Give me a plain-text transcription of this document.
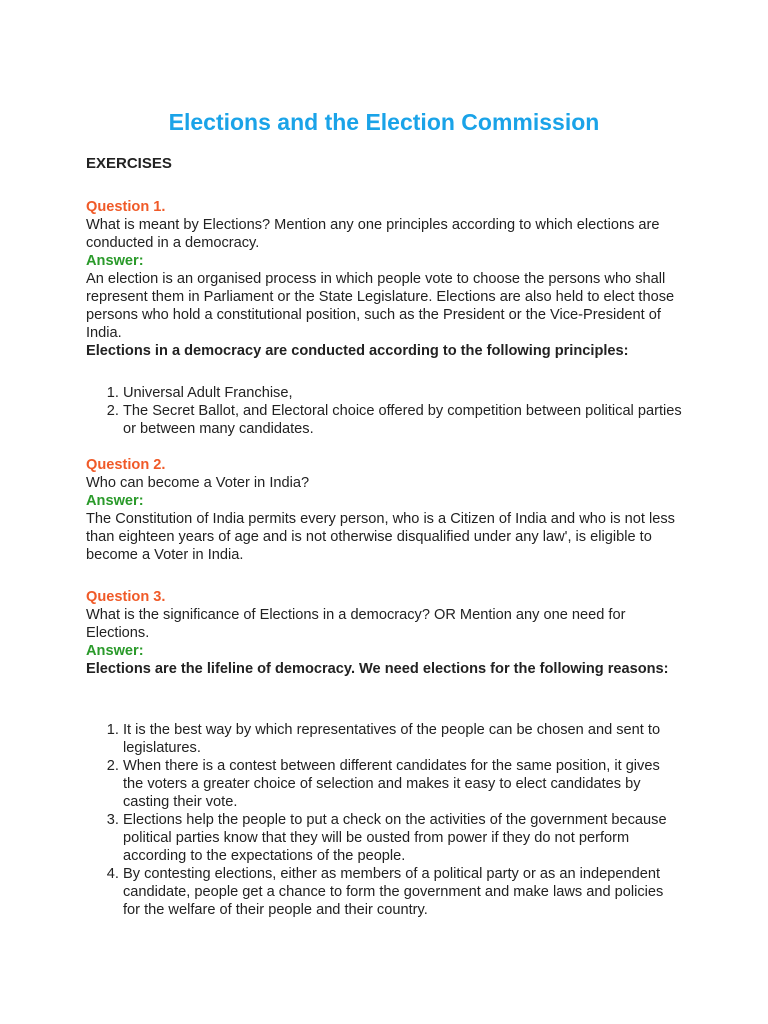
Elections and the Election Commission
EXERCISES
Question 1.
What is meant by Elections? Mention any one principles according to which elections are conducted in a democracy.
Answer:
An election is an organised process in which people vote to choose the persons who shall represent them in Parliament or the State Legislature. Elections are also held to elect those persons who hold a constitutional position, such as the President or the Vice-President of India.
Elections in a democracy are conducted according to the following principles:
1. Universal Adult Franchise,
2. The Secret Ballot, and Electoral choice offered by competition between political parties or between many candidates.
Question 2.
Who can become a Voter in India?
Answer:
The Constitution of India permits every person, who is a Citizen of India and who is not less than eighteen years of age and is not otherwise disqualified under any law', is eligible to become a Voter in India.
Question 3.
What is the significance of Elections in a democracy? OR Mention any one need for Elections.
Answer:
Elections are the lifeline of democracy. We need elections for the following reasons:
1. It is the best way by which representatives of the people can be chosen and sent to legislatures.
2. When there is a contest between different candidates for the same position, it gives the voters a greater choice of selection and makes it easy to elect candidates by casting their vote.
3. Elections help the people to put a check on the activities of the government because political parties know that they will be ousted from power if they do not perform according to the expectations of the people.
4. By contesting elections, either as members of a political party or as an independent candidate, people get a chance to form the government and make laws and policies for the welfare of their people and their country.
